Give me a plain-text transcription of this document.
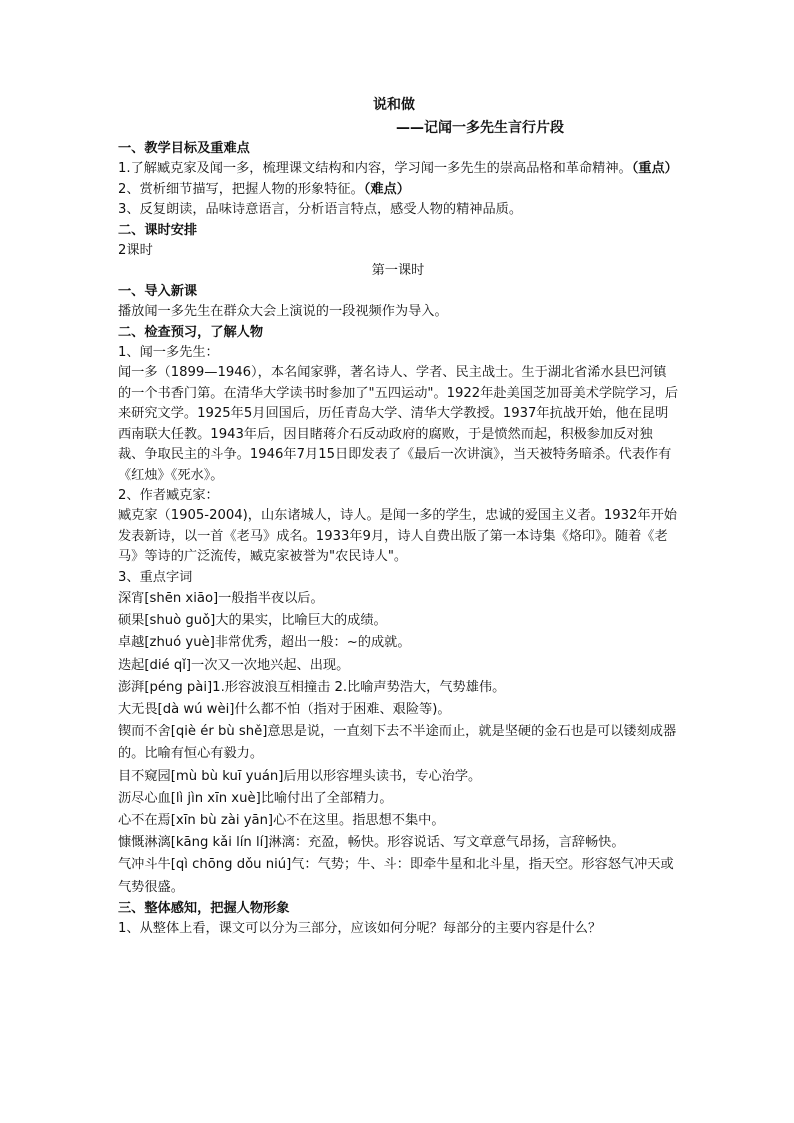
说和做
——记闻一多先生言行片段

一、教学目标及重难点

1.了解臧克家及闻一多，梳理课文结构和内容，学习闻一多先生的崇高品格和革命精神。（重点）

2、赏析细节描写，把握人物的形象特征。（难点）

3、反复朗读，品味诗意语言，分析语言特点，感受人物的精神品质。

二、课时安排

2课时

第一课时

一、导入新课

播放闻一多先生在群众大会上演说的一段视频作为导入。

二、检查预习，了解人物

1、闻一多先生：

闻一多（1899—1946），本名闻家骅，著名诗人、学者、民主战士。生于湖北省浠水县巴河镇的一个书香门第。在清华大学读书时参加了"五四运动"。1922年赴美国芝加哥美术学院学习，后来研究文学。1925年5月回国后，历任青岛大学、清华大学教授。1937年抗战开始，他在昆明西南联大任教。1943年后，因目睹蒋介石反动政府的腐败，于是愤然而起，积极参加反对独裁、争取民主的斗争。1946年7月15日即发表了《最后一次讲演》，当天被特务暗杀。代表作有《红烛》《死水》。

2、作者臧克家：

臧克家（1905-2004)，山东诸城人，诗人。是闻一多的学生，忠诚的爱国主义者。1932年开始发表新诗，以一首《老马》成名。1933年9月，诗人自费出版了第一本诗集《烙印》。随着《老马》等诗的广泛流传，臧克家被誉为"农民诗人"。

3、重点字词

深宵[shēn xiāo]一般指半夜以后。

硕果[shuò guǒ]大的果实，比喻巨大的成绩。

卓越[zhuó yuè]非常优秀，超出一般：~的成就。

迭起[dié qǐ]一次又一次地兴起、出现。

澎湃[péng pài]1.形容波浪互相撞击 2.比喻声势浩大，气势雄伟。

大无畏[dà wú wèi]什么都不怕（指对于困难、艰险等)。

锲而不舍[qiè ér bù shě]意思是说，一直刻下去不半途而止，就是坚硬的金石也是可以镂刻成器的。比喻有恒心有毅力。

目不窥园[mù bù kuī yuán]后用以形容埋头读书，专心治学。

沥尽心血[lì jìn xīn xuè]比喻付出了全部精力。

心不在焉[xīn bù zài yān]心不在这里。指思想不集中。

慷慨淋漓[kāng kǎi lín lí]淋漓：充盈，畅快。形容说话、写文章意气昂扬，言辞畅快。

气冲斗牛[qì chōng dǒu niú]气：气势；牛、斗：即牵牛星和北斗星，指天空。形容怒气冲天或气势很盛。

三、整体感知，把握人物形象

1、从整体上看，课文可以分为三部分，应该如何分呢？每部分的主要内容是什么？
